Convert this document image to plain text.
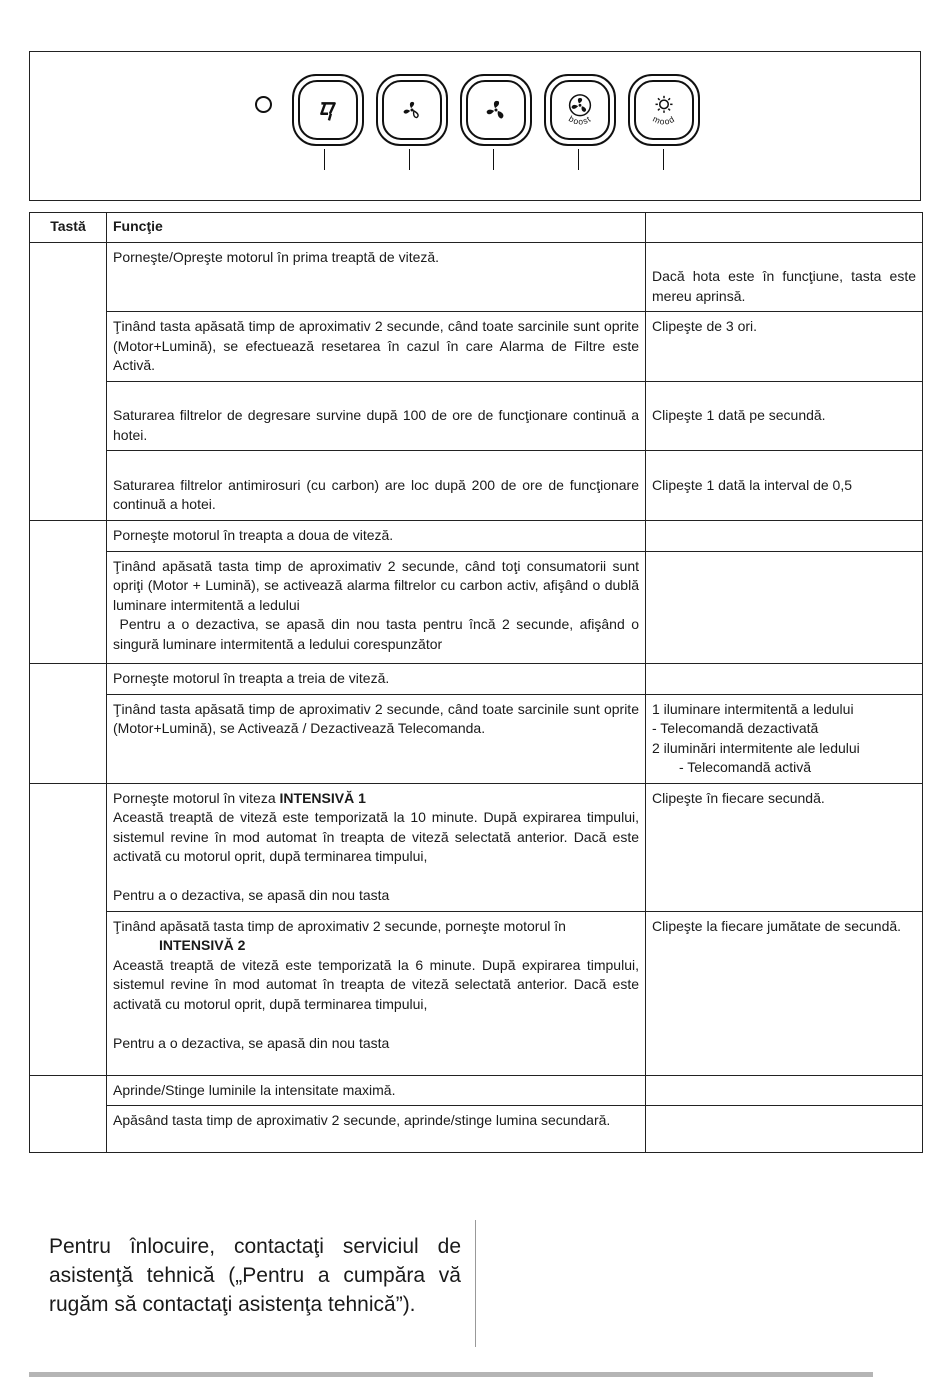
boost	mood
Tastă	Funcţie	
	Porneşte/Opreşte motorul în prima treaptă de viteză.	Dacă hota este în funcţiune, tasta este mereu aprinsă.
	Ţinând tasta apăsată timp de aproximativ 2 secunde, când toate sarcinile sunt oprite (Motor+Lumină), se efectuează resetarea în cazul în care Alarma de Filtre este Activă.	Clipeşte de 3 ori.

Saturarea filtrelor de degresare survine după 100 de ore de funcţionare continuă a hotei.	Clipeşte 1 dată pe secundă.

Saturarea filtrelor antimirosuri (cu carbon) are loc după 200 de ore de funcţionare continuă a hotei.	Clipeşte 1 dată la interval de 0,5
	Porneşte motorul în treapta a doua de viteză.	
	Ţinând apăsată tasta timp de aproximativ 2 secunde, când toţi consumatorii sunt opriţi (Motor + Lumină), se activează alarma filtrelor cu carbon activ, afişând o dublă luminare intermitentă a ledului
Pentru a o dezactiva, se apasă din nou tasta pentru încă 2 secunde, afişând o singură luminare intermitentă a ledului corespunzător	
	Porneşte motorul în treapta a treia de viteză.	
	Ţinând tasta apăsată timp de aproximativ 2 secunde, când toate sarcinile sunt oprite (Motor+Lumină), se Activează / Dezactivează Telecomanda.	1 iluminare intermitentă a ledului
- Telecomandă dezactivată
2 iluminări intermitente ale ledului

- Telecomandă activă

	Porneşte motorul în viteza INTENSIVĂ 1
Această treaptă de viteză este temporizată la 10 minute. După expirarea timpului, sistemul revine în mod automat în treapta de viteză selectată anterior. Dacă este activată cu motorul oprit, după terminarea timpului,
Pentru a o dezactiva, se apasă din nou tasta	Clipeşte în fiecare secundă.
	Ţinând apăsată tasta timp de aproximativ 2 secunde, porneşte motorul în
INTENSIVĂ 2
Această treaptă de viteză este temporizată la 6 minute. După expirarea timpului, sistemul revine în mod automat în treapta de viteză selectată anterior. Dacă este activată cu motorul oprit, după terminarea timpului,
Pentru a o dezactiva, se apasă din nou tasta	Clipeşte la fiecare jumătate de secundă.
	Aprinde/Stinge luminile la intensitate maximă.	
	Apăsând tasta timp de aproximativ 2 secunde, aprinde/stinge lumina secundară.	
Pentru înlocuire, contactaţi serviciul de asistenţă tehnică („Pentru a cumpăra vă rugăm să contactaţi asistenţa tehnică”).
